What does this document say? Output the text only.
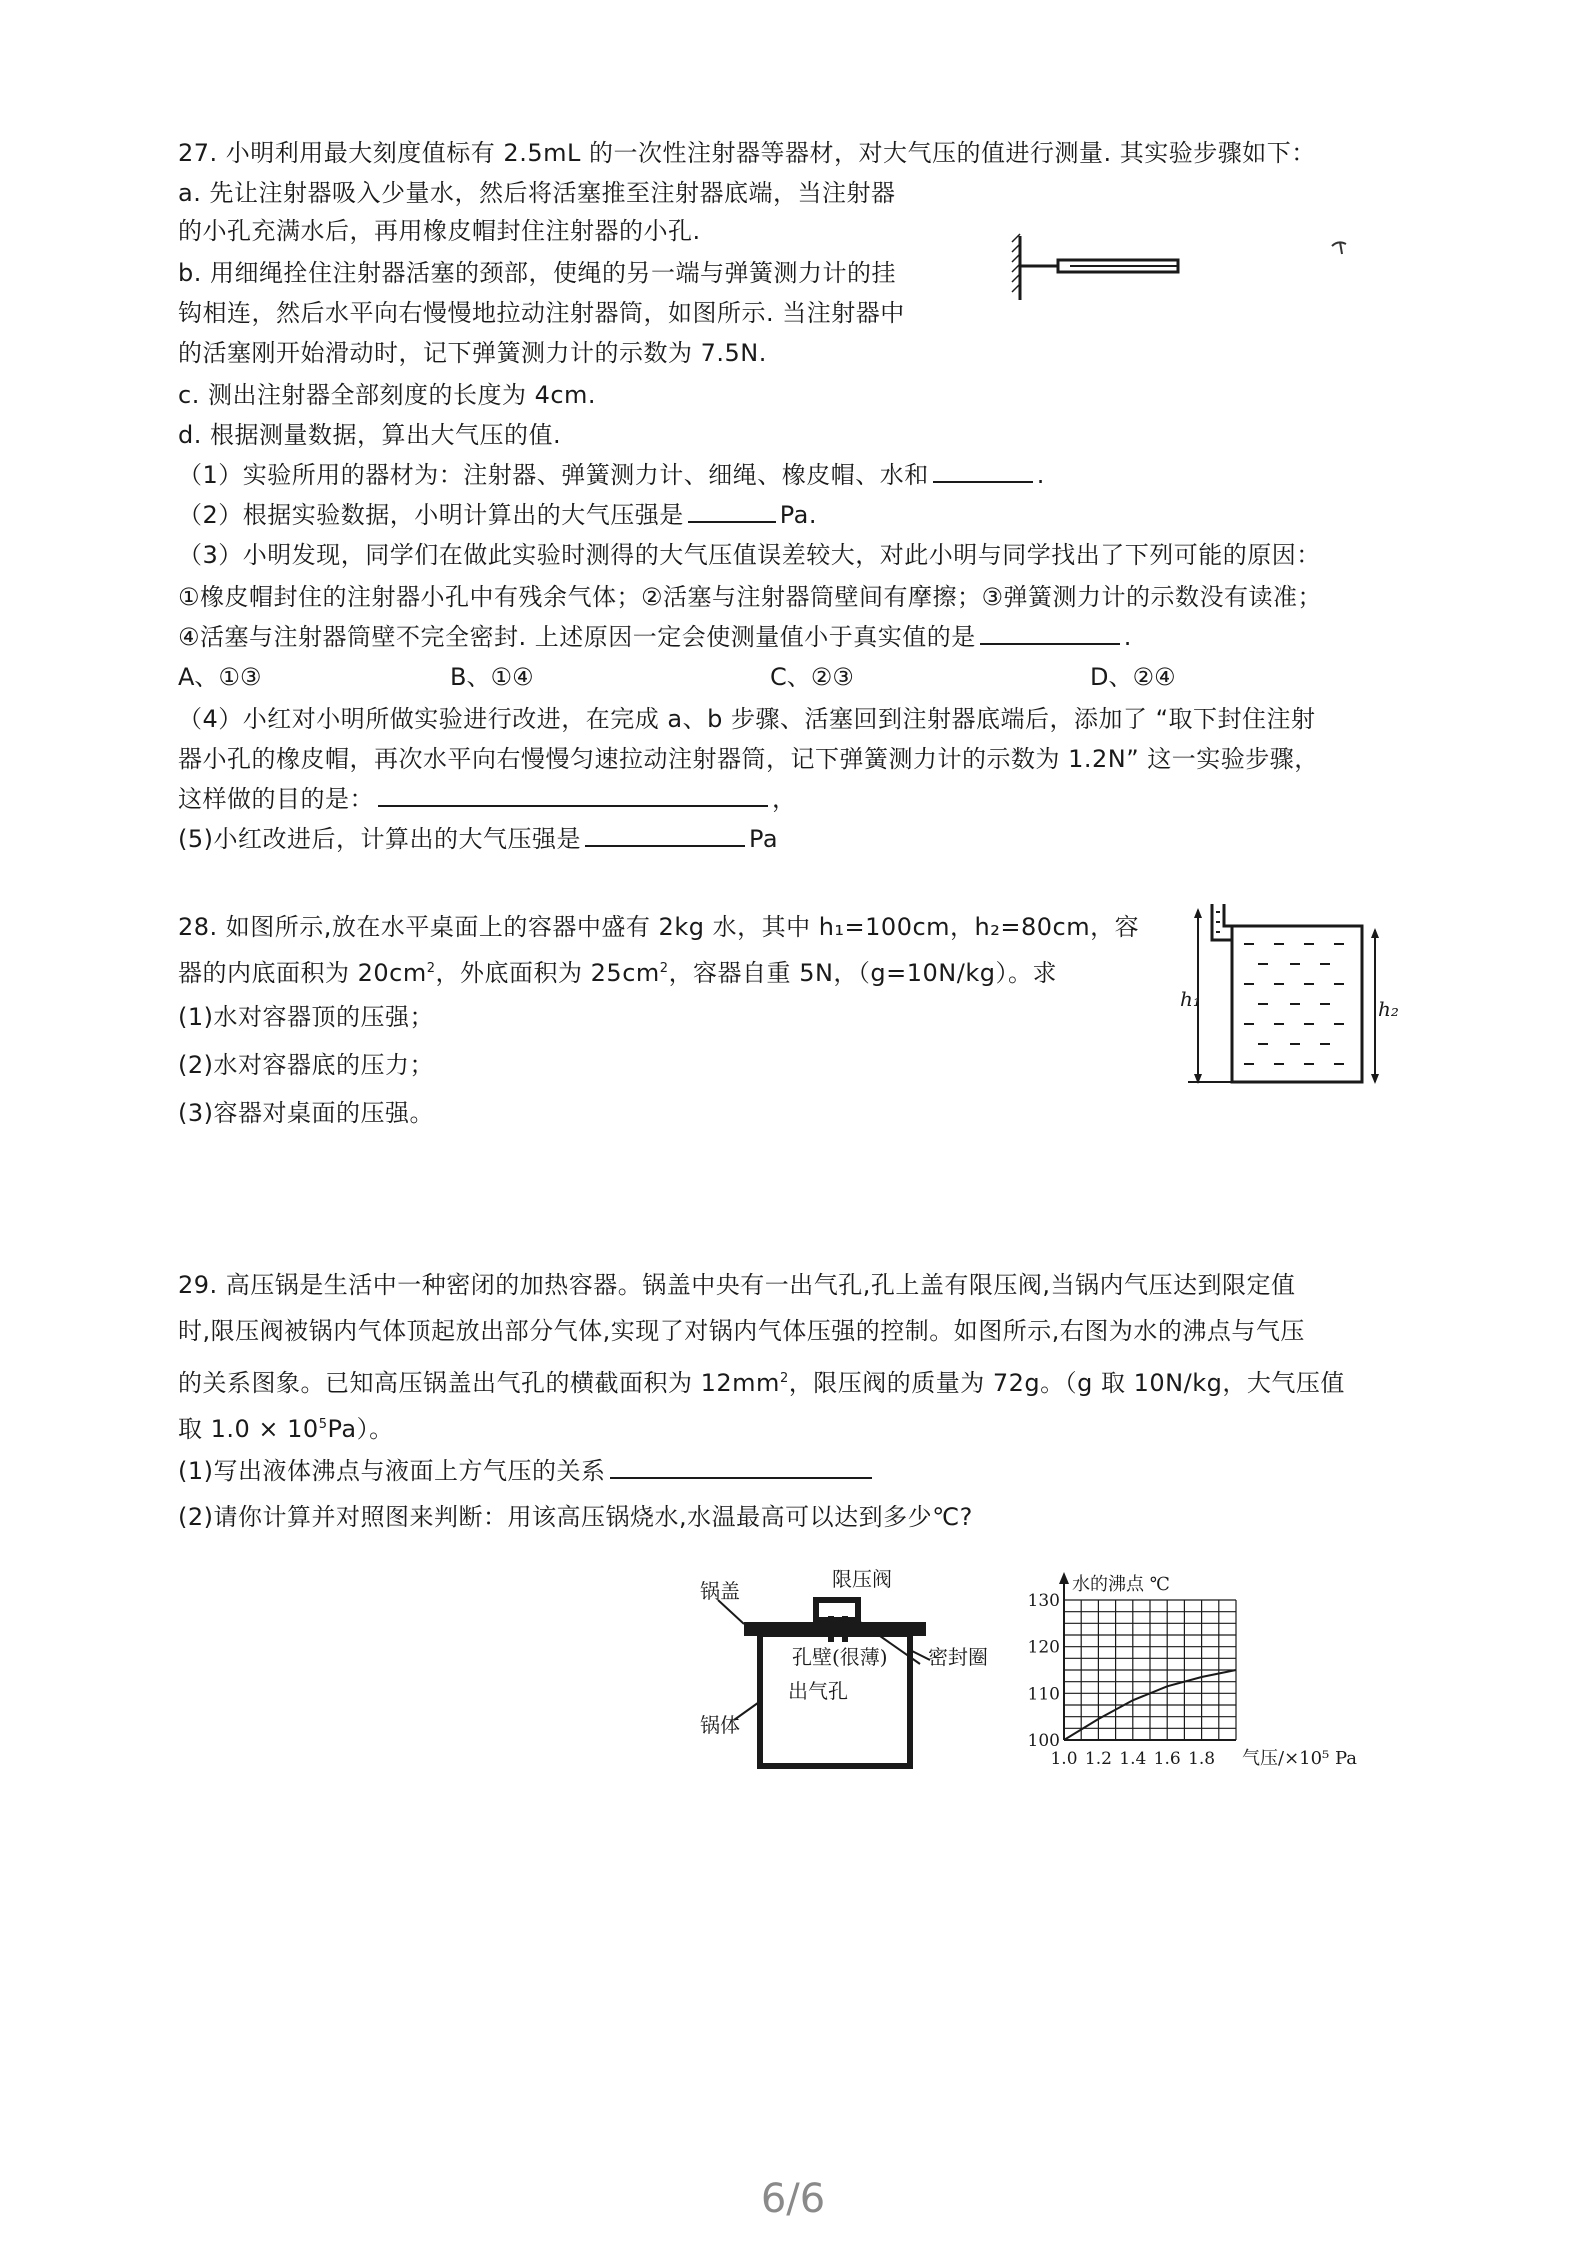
27. 小明利用最大刻度值标有 2.5mL 的一次性注射器等器材，对大气压的值进行测量. 其实验步骤如下：
a. 先让注射器吸入少量水，然后将活塞推至注射器底端，当注射器
的小孔充满水后，再用橡皮帽封住注射器的小孔.
b. 用细绳拴住注射器活塞的颈部，使绳的另一端与弹簧测力计的挂
钩相连，然后水平向右慢慢地拉动注射器筒，如图所示. 当注射器中
的活塞刚开始滑动时，记下弹簧测力计的示数为 7.5N.
c. 测出注射器全部刻度的长度为 4cm.
d. 根据测量数据，算出大气压的值.
（1）实验所用的器材为：注射器、弹簧测力计、细绳、橡皮帽、水和	.
（2）根据实验数据，小明计算出的大气压强是	Pa.
（3）小明发现，同学们在做此实验时测得的大气压值误差较大，对此小明与同学找出了下列可能的原因：
①橡皮帽封住的注射器小孔中有残余气体；②活塞与注射器筒壁间有摩擦；③弹簧测力计的示数没有读准；
④活塞与注射器筒壁不完全密封. 上述原因一定会使测量值小于真实值的是	.
A、①③	B、①④	C、②③	D、②④
（4）小红对小明所做实验进行改进，在完成 a、b 步骤、活塞回到注射器底端后，添加了 “取下封住注射
器小孔的橡皮帽，再次水平向右慢慢匀速拉动注射器筒，记下弹簧测力计的示数为 1.2N” 这一实验步骤，
这样做的目的是：	，
(5)小红改进后，计算出的大气压强是	Pa
28. 如图所示,放在水平桌面上的容器中盛有 2kg 水，其中 h₁=100cm，h₂=80cm，容
器的内底面积为 $20cm^2$，外底面积为 $25cm^2$，容器自重 5N，（g=10N/kg）。求
(1)水对容器顶的压强；
(2)水对容器底的压力；
(3)容器对桌面的压强。
h₁	h₂
29. 高压锅是生活中一种密闭的加热容器。锅盖中央有一出气孔,孔上盖有限压阀,当锅内气压达到限定值
时,限压阀被锅内气体顶起放出部分气体,实现了对锅内气体压强的控制。如图所示,右图为水的沸点与气压
的关系图象。已知高压锅盖出气孔的横截面积为 $12mm^2$，限压阀的质量为 72g。（g 取 10N/kg，大气压值
取 $1.0 \times 10^5Pa$）。
(1)写出液体沸点与液面上方气压的关系
(2)请你计算并对照图来判断：用该高压锅烧水,水温最高可以达到多少℃?
锅盖	限压阀
孔壁(很薄) 密封圈
出气孔
锅体
100
110
120
130
1.0 1.2 1.4 1.6 1.8
水的沸点 ℃
气压/×10⁵ Pa
6/6
